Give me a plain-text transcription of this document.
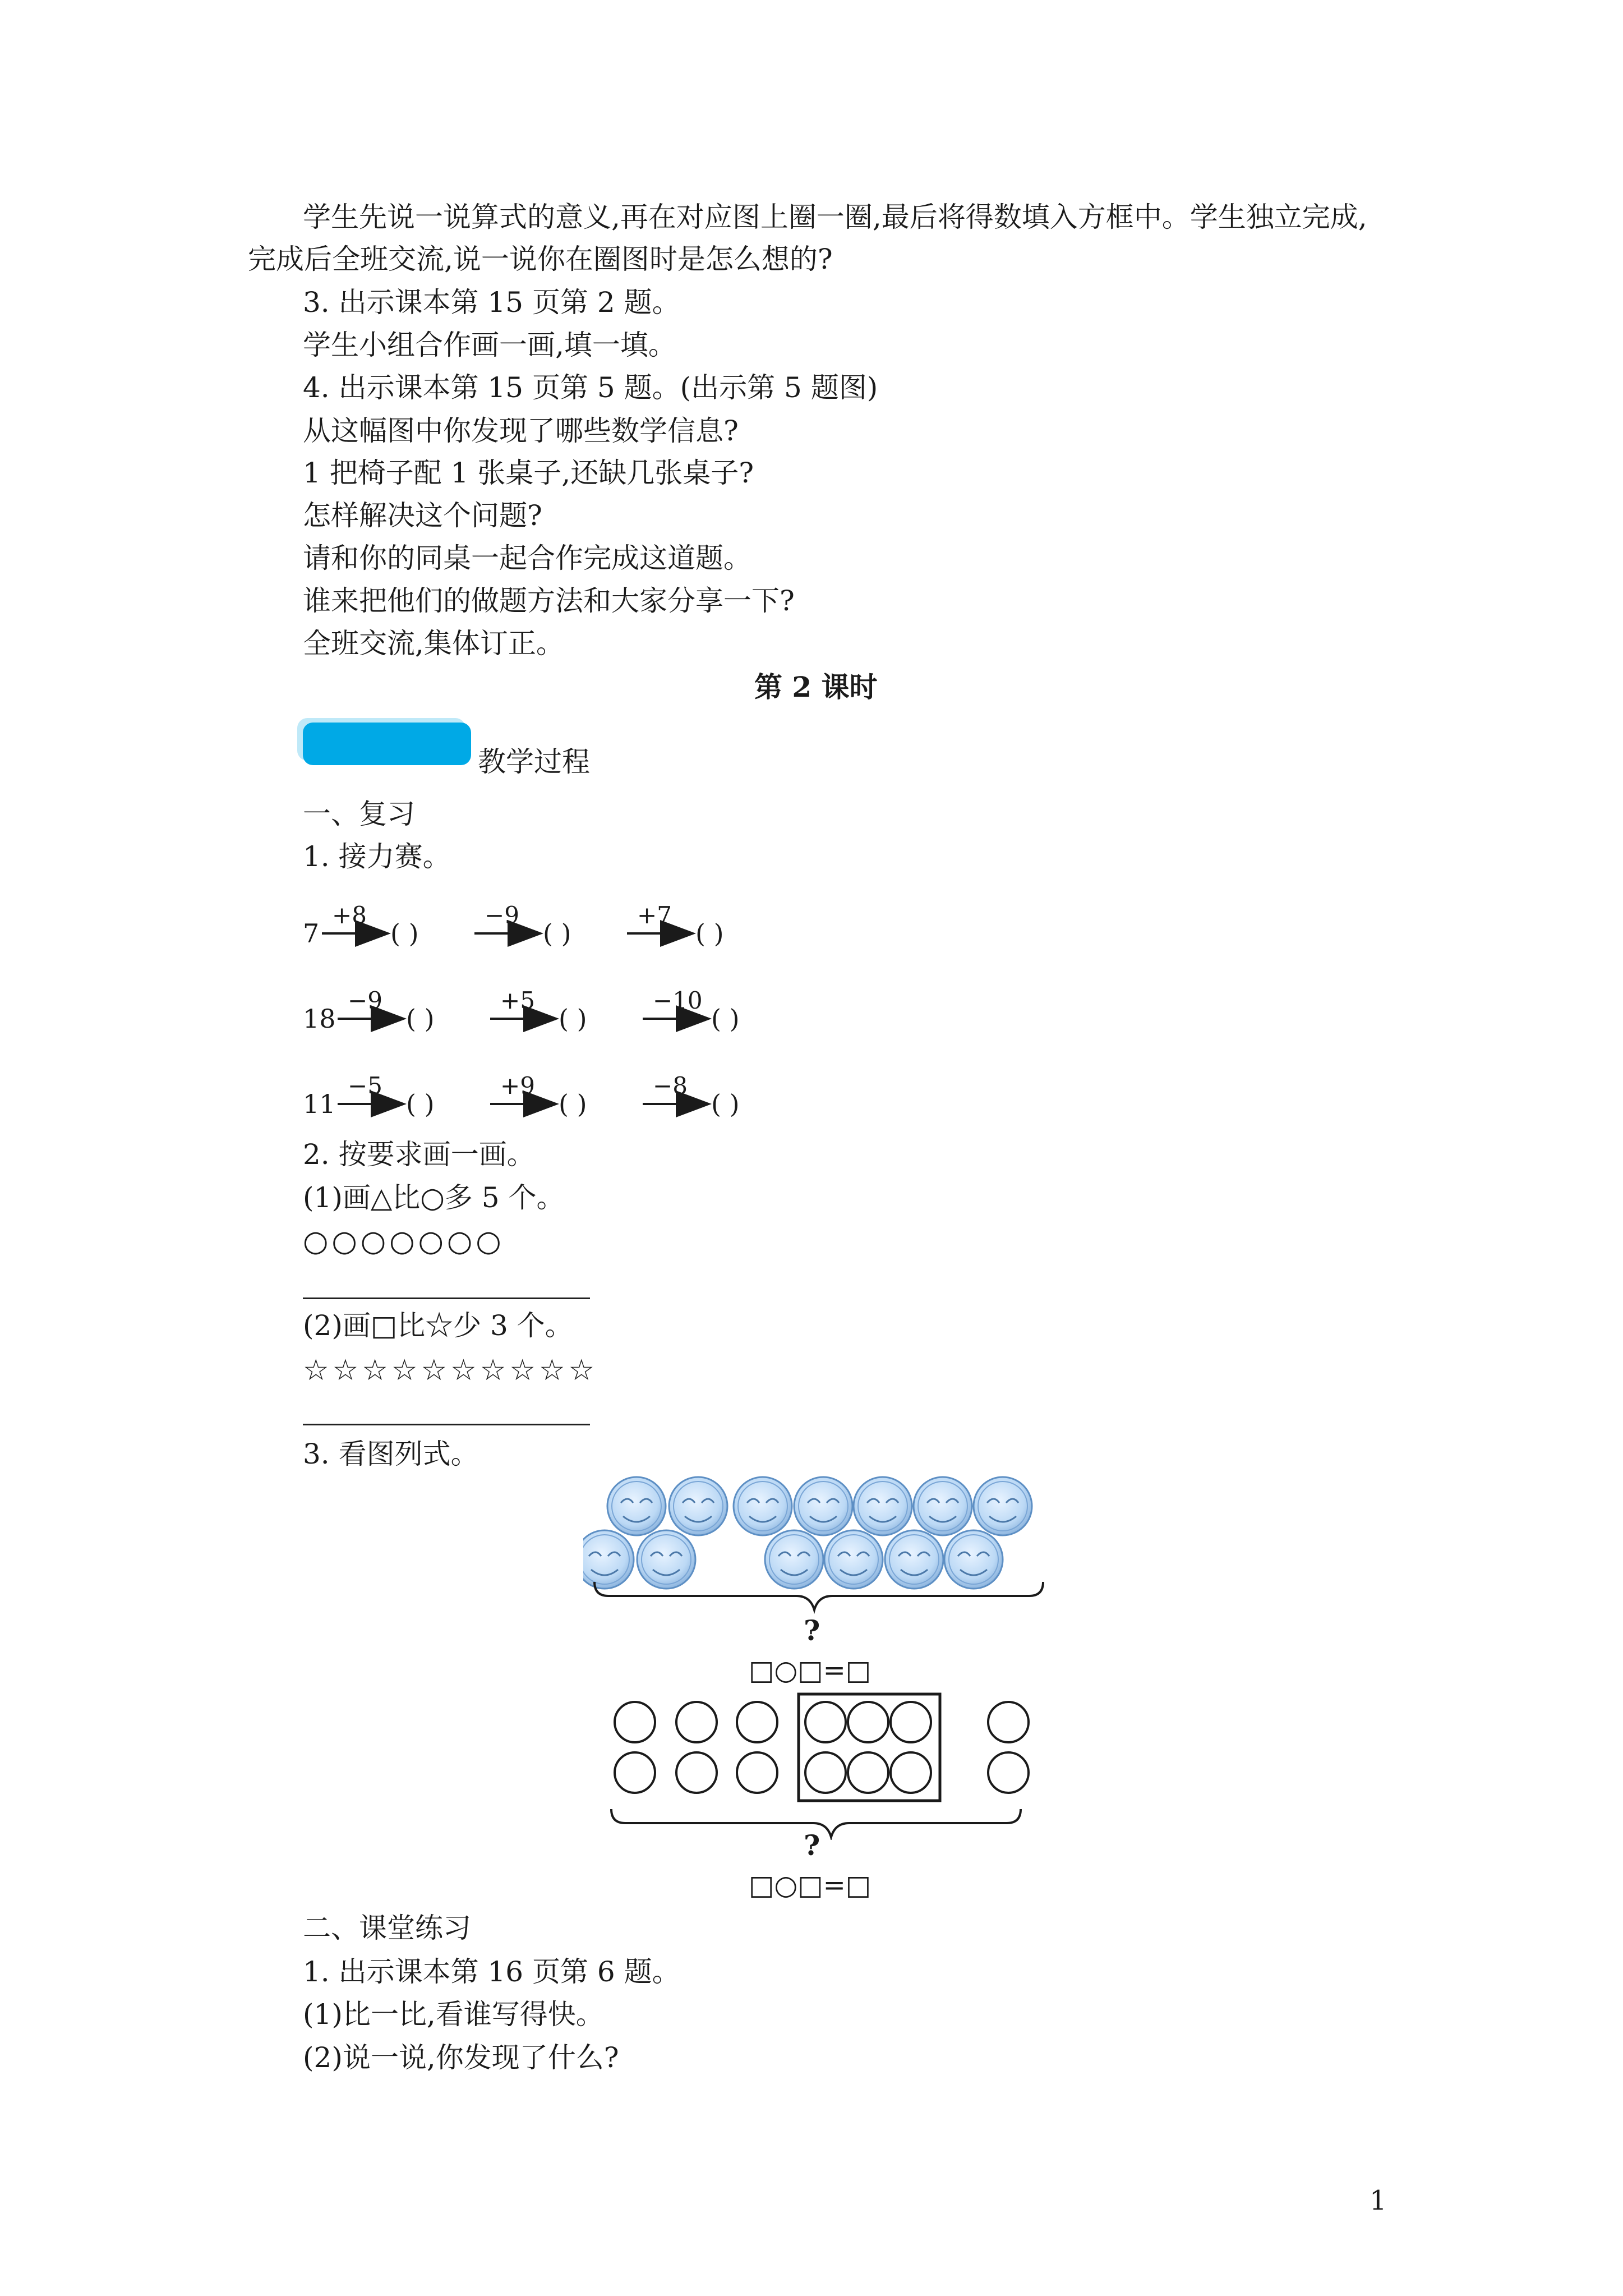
学生先说一说算式的意义,再在对应图上圈一圈,最后将得数填入方框中。学生独立完成,
完成后全班交流,说一说你在圈图时是怎么想的?
3. 出示课本第 15 页第 2 题。
学生小组合作画一画,填一填。
4. 出示课本第 15 页第 5 题。(出示第 5 题图)
从这幅图中你发现了哪些数学信息?
1 把椅子配 1 张桌子,还缺几张桌子?
怎样解决这个问题?
请和你的同桌一起合作完成这道题。
谁来把他们的做题方法和大家分享一下?
全班交流,集体订正。
第 2 课时
教学过程
一、复习
1. 接力赛。
7
+8
( )
−9
( )
+7
( )
18
−9
( )
+5
( )
−10
( )
11
−5
( )
+9
( )
−8
( )
2. 按要求画一画。
(1)画△比○多 5 个。
○○○○○○○
(2)画□比☆少 3 个。
☆☆☆☆☆☆☆☆☆☆
3. 看图列式。
?
□○□=□
?
□○□=□
二、课堂练习
1. 出示课本第 16 页第 6 题。
(1)比一比,看谁写得快。
(2)说一说,你发现了什么?
1
